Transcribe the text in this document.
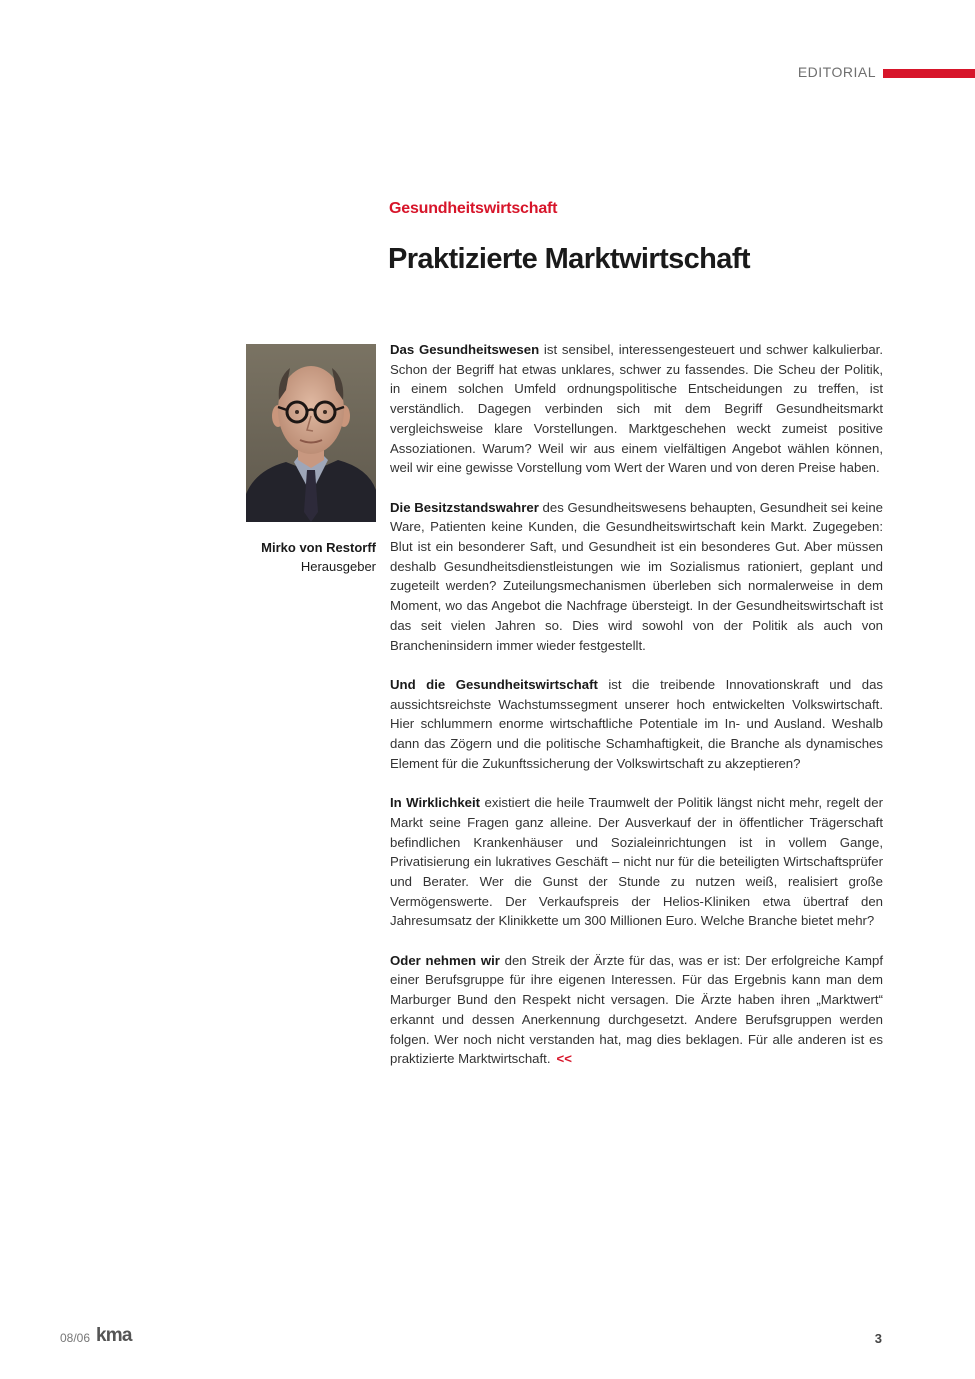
EDITORIAL
Gesundheitswirtschaft
Praktizierte Marktwirtschaft
Mirko von Restorff
Herausgeber

Das Gesundheitswesen ist sensibel, interessengesteuert und schwer kalkulierbar. Schon der Begriff hat etwas unklares, schwer zu fassendes. Die Scheu der Politik, in einem solchen Umfeld ordnungspolitische Entscheidungen zu treffen, ist verständlich. Dagegen verbinden sich mit dem Begriff Gesundheitsmarkt vergleichsweise klare Vorstellungen. Marktgeschehen weckt zumeist positive Assoziationen. Warum? Weil wir aus einem vielfältigen Angebot wählen können, weil wir eine gewisse Vorstellung vom Wert der Waren und von deren Preise haben.

Die Besitzstandswahrer des Gesundheitswesens behaupten, Gesundheit sei keine Ware, Patienten keine Kunden, die Gesundheitswirtschaft kein Markt. Zugegeben: Blut ist ein besonderer Saft, und Gesundheit ist ein besonderes Gut. Aber müssen deshalb Gesundheitsdienstleistungen wie im Sozialismus rationiert, geplant und zugeteilt werden? Zuteilungsmechanismen überleben sich normalerweise in dem Moment, wo das Angebot die Nachfrage übersteigt. In der Gesundheitswirtschaft ist das seit vielen Jahren so. Dies wird sowohl von der Politik als auch von Brancheninsidern immer wieder festgestellt.

Und die Gesundheitswirtschaft ist die treibende Innovationskraft und das aussichtsreichste Wachstumssegment unserer hoch entwickelten Volkswirtschaft. Hier schlummern enorme wirtschaftliche Potentiale im In- und Ausland. Weshalb dann das Zögern und die politische Schamhaftigkeit, die Branche als dynamisches Element für die Zukunftssicherung der Volkswirtschaft zu akzeptieren?

In Wirklichkeit existiert die heile Traumwelt der Politik längst nicht mehr, regelt der Markt seine Fragen ganz alleine. Der Ausverkauf der in öffentlicher Trägerschaft befindlichen Krankenhäuser und Sozialeinrichtungen ist in vollem Gange, Privatisierung ein lukratives Geschäft – nicht nur für die beteiligten Wirtschaftsprüfer und Berater. Wer die Gunst der Stunde zu nutzen weiß, realisiert große Vermögenswerte. Der Verkaufspreis der Helios-Kliniken etwa übertraf den Jahresumsatz der Klinikkette um 300 Millionen Euro. Welche Branche bietet mehr?

Oder nehmen wir den Streik der Ärzte für das, was er ist: Der erfolgreiche Kampf einer Berufsgruppe für ihre eigenen Interessen. Für das Ergebnis kann man dem Marburger Bund den Respekt nicht versagen. Die Ärzte haben ihren „Marktwert“ erkannt und dessen Anerkennung durchgesetzt. Andere Berufsgruppen werden folgen. Wer noch nicht verstanden hat, mag dies beklagen. Für alle anderen ist es praktizierte Marktwirtschaft. <<

08/06 kma	3
